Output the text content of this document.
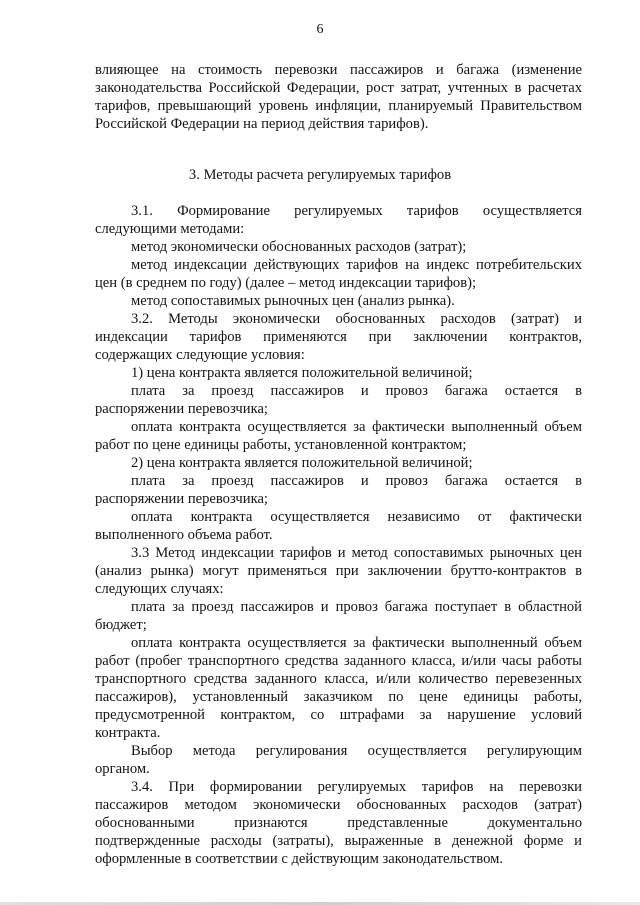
6
влияющее на стоимость перевозки пассажиров и багажа (изменение
законодательства Российской Федерации, рост затрат, учтенных в расчетах
тарифов, превышающий уровень инфляции, планируемый Правительством
Российской Федерации на период действия тарифов).
3. Методы расчета регулируемых тарифов
3.1. Формирование регулируемых тарифов осуществляется
следующими методами:
метод экономически обоснованных расходов (затрат);
метод индексации действующих тарифов на индекс потребительских
цен (в среднем по году) (далее – метод индексации тарифов);
метод сопоставимых рыночных цен (анализ рынка).
3.2. Методы экономически обоснованных расходов (затрат) и
индексации тарифов применяются при заключении контрактов,
содержащих следующие условия:
1) цена контракта является положительной величиной;
плата за проезд пассажиров и провоз багажа остается в
распоряжении перевозчика;
оплата контракта осуществляется за фактически выполненный объем
работ по цене единицы работы, установленной контрактом;
2) цена контракта является положительной величиной;
плата за проезд пассажиров и провоз багажа остается в
распоряжении перевозчика;
оплата контракта осуществляется независимо от фактически
выполненного объема работ.
3.3 Метод индексации тарифов и метод сопоставимых рыночных цен
(анализ рынка) могут применяться при заключении брутто-контрактов в
следующих случаях:
плата за проезд пассажиров и провоз багажа поступает в областной
бюджет;
оплата контракта осуществляется за фактически выполненный объем
работ (пробег транспортного средства заданного класса, и/или часы работы
транспортного средства заданного класса, и/или количество перевезенных
пассажиров), установленный заказчиком по цене единицы работы,
предусмотренной контрактом, со штрафами за нарушение условий
контракта.
Выбор метода регулирования осуществляется регулирующим
органом.
3.4. При формировании регулируемых тарифов на перевозки
пассажиров методом экономически обоснованных расходов (затрат)
обоснованными признаются представленные документально
подтвержденные расходы (затраты), выраженные в денежной форме и
оформленные в соответствии с действующим законодательством.
